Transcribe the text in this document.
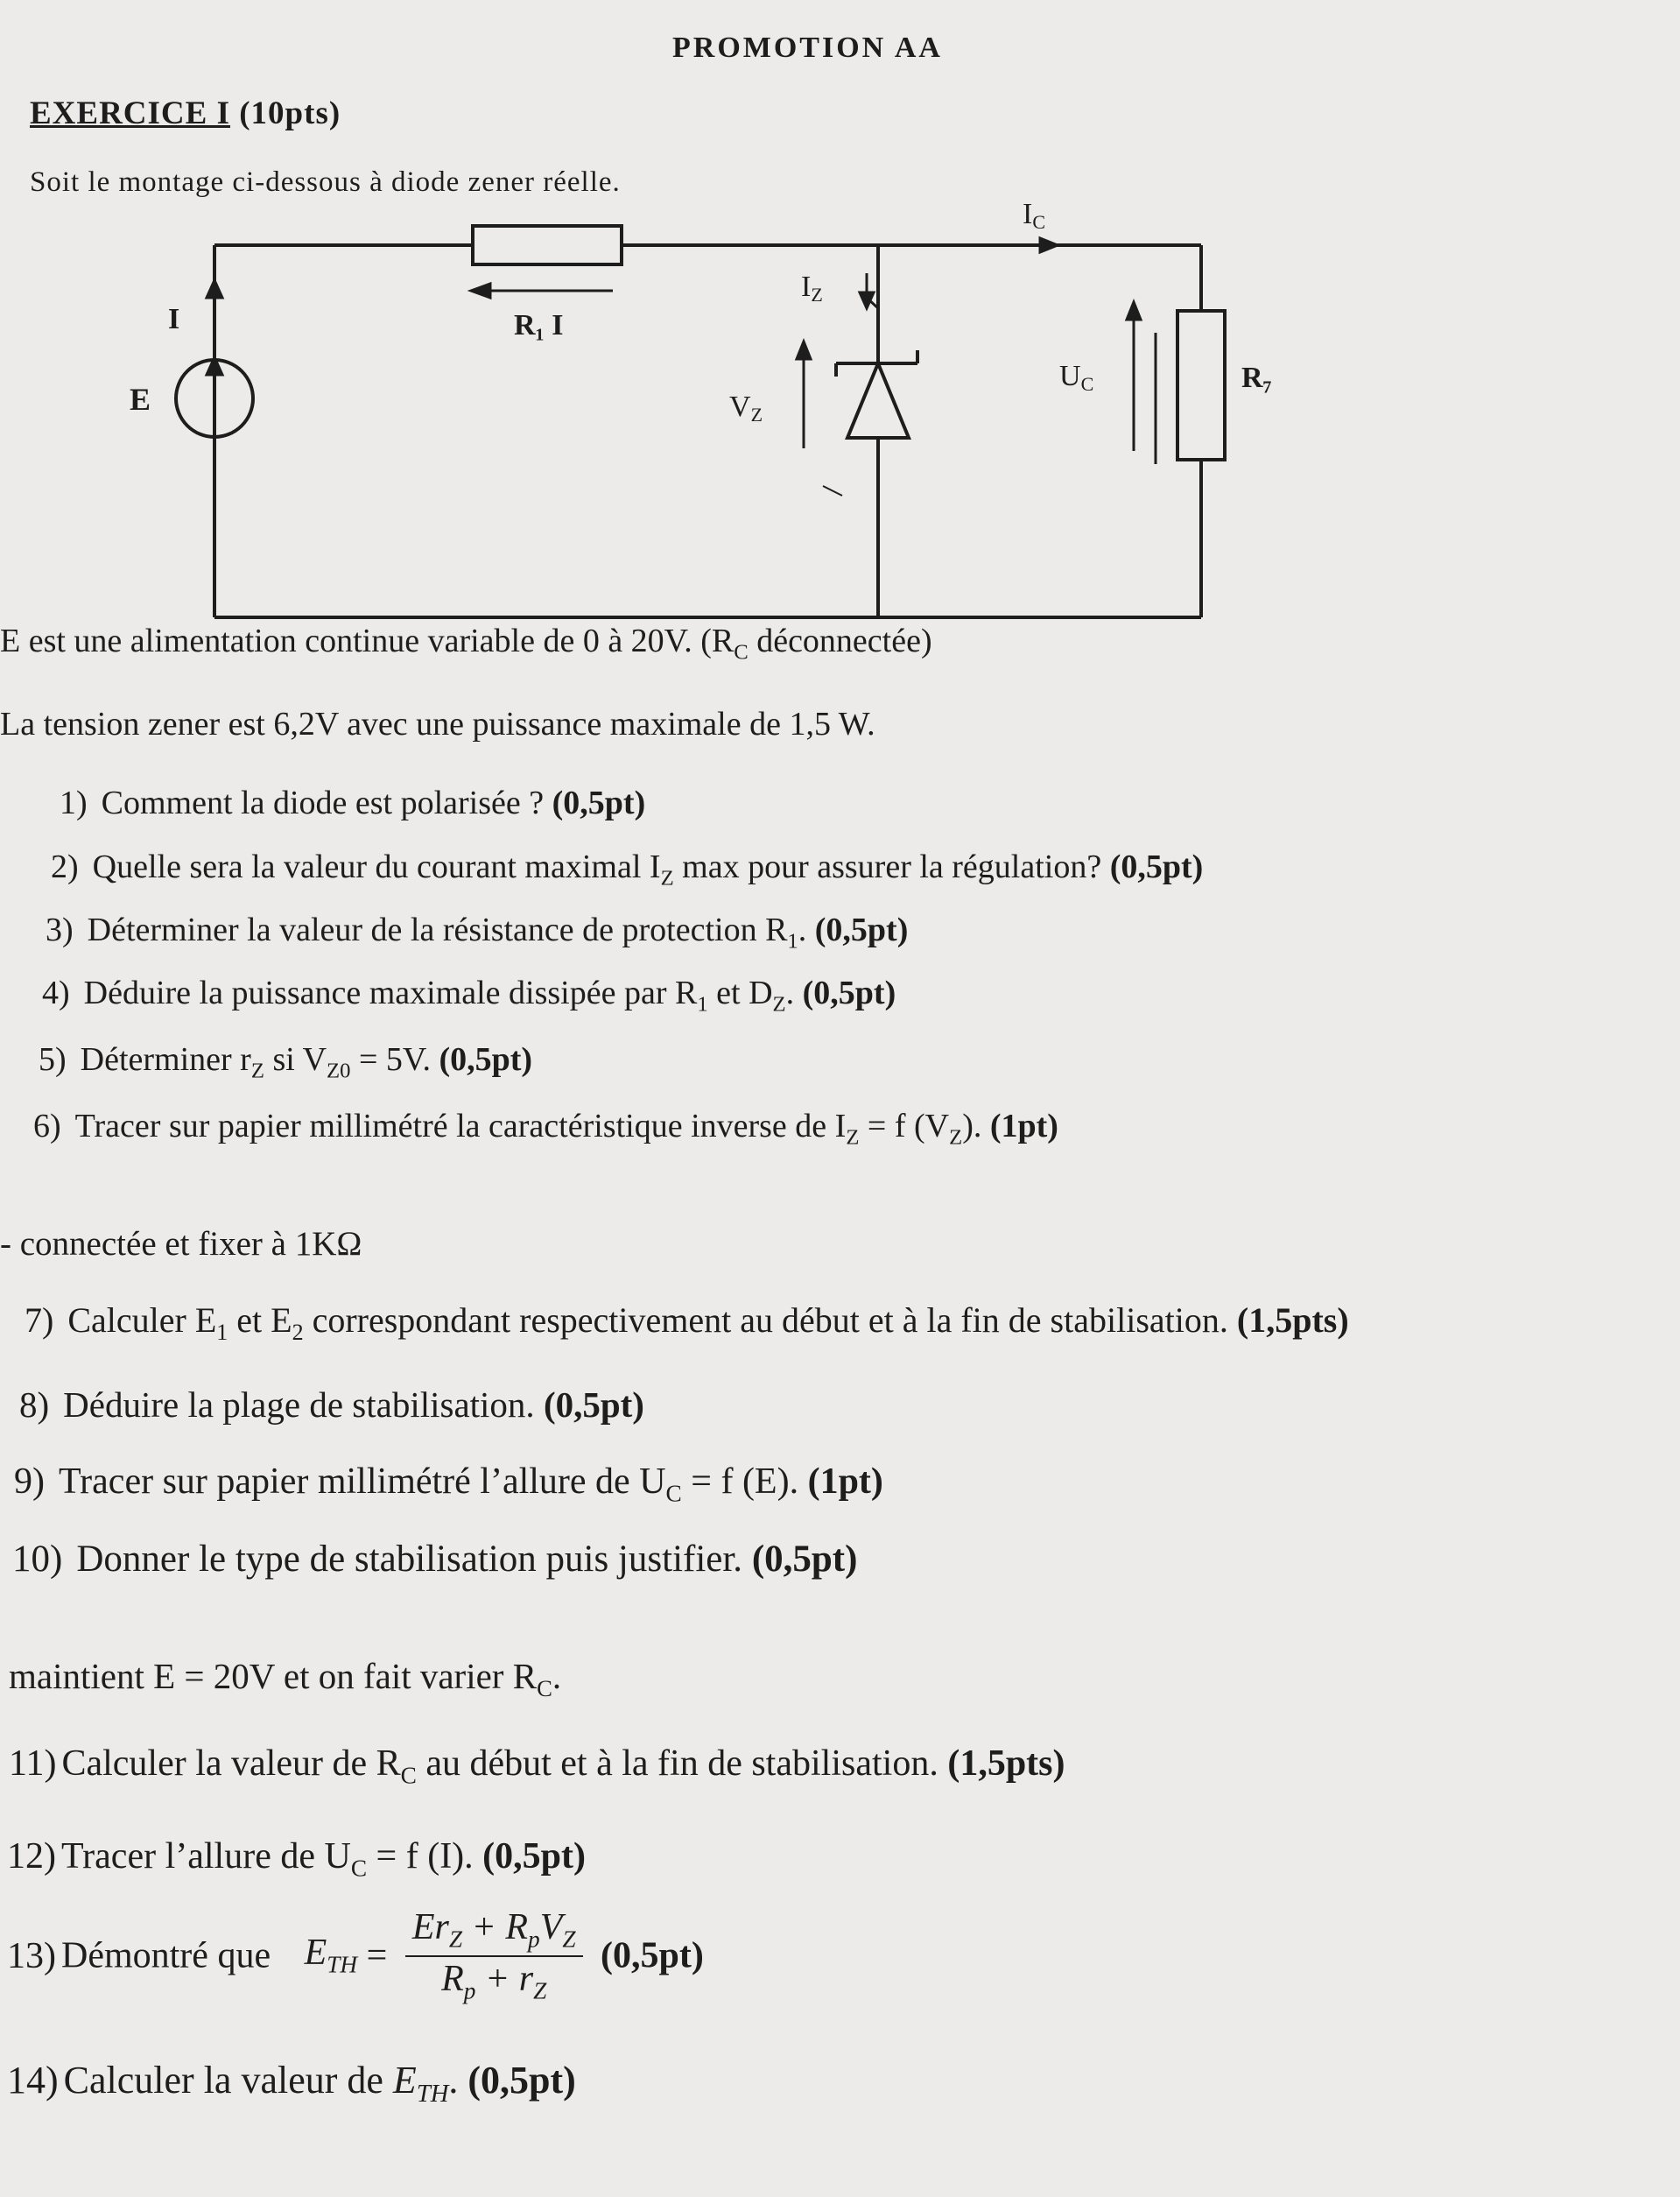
PROMOTION AA
EXERCICE I (10pts)
Soit le montage ci-dessous à diode zener réelle.
I
E
R₁ I
IZ
VZ
IC
UC	R₇
E est une alimentation continue variable de 0 à 20V. ($R_C$ déconnectée)
La tension zener est 6,2V avec une puissance maximale de 1,5 W.
1) Comment la diode est polarisée ? (0,5pt)
2) Quelle sera la valeur du courant maximal $I_Z$ max pour assurer la régulation? (0,5pt)
3) Déterminer la valeur de la résistance de protection $R_1$. (0,5pt)
4) Déduire la puissance maximale dissipée par $R_1$ et $D_Z$. (0,5pt)
5) Déterminer $r_Z$ si $V_{Z0} = 5V$. (0,5pt)
6) Tracer sur papier millimétré la caractéristique inverse de $I_Z = f$ $(V_Z)$. (1pt)
- connectée et fixer à 1KΩ
7) Calculer $E_1$ et $E_2$ correspondant respectivement au début et à la fin de stabilisation. (1,5pts)
8) Déduire la plage de stabilisation. (0,5pt)
9) Tracer sur papier millimétré l’allure de $U_C = f$ (E). (1pt)
10) Donner le type de stabilisation puis justifier. (0,5pt)
maintient E = 20V et on fait varier $R_C$.
11) Calculer la valeur de $R_C$ au début et à la fin de stabilisation. (1,5pts)
12) Tracer l’allure de $U_C = f$ (I). (0,5pt)
13) Démontré que $E_{TH} = \frac{Er_Z + R_pV_Z}{R_p + r_Z} (0,5pt)$
14) Calculer la valeur de $E_{TH}$. (0,5pt)
